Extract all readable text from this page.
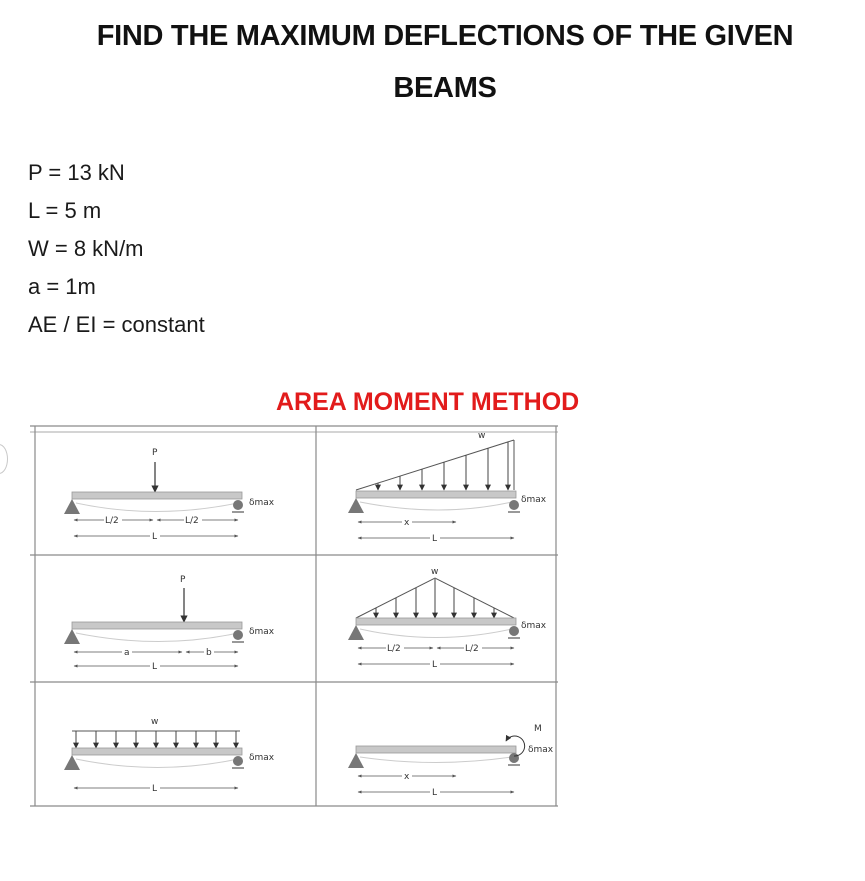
FIND THE MAXIMUM DEFLECTIONS OF THE GIVEN
BEAMS
P = 13 kN
L = 5 m
W = 8 kN/m
a = 1m
AE / EI = constant
AREA MOMENT METHOD
P
δmax
L/2	L/2
L
w
δmax
x
L
P
δmax
a	b
L
w
δmax
L/2	L/2
L
w
δmax
L
M
δmax
x
L
